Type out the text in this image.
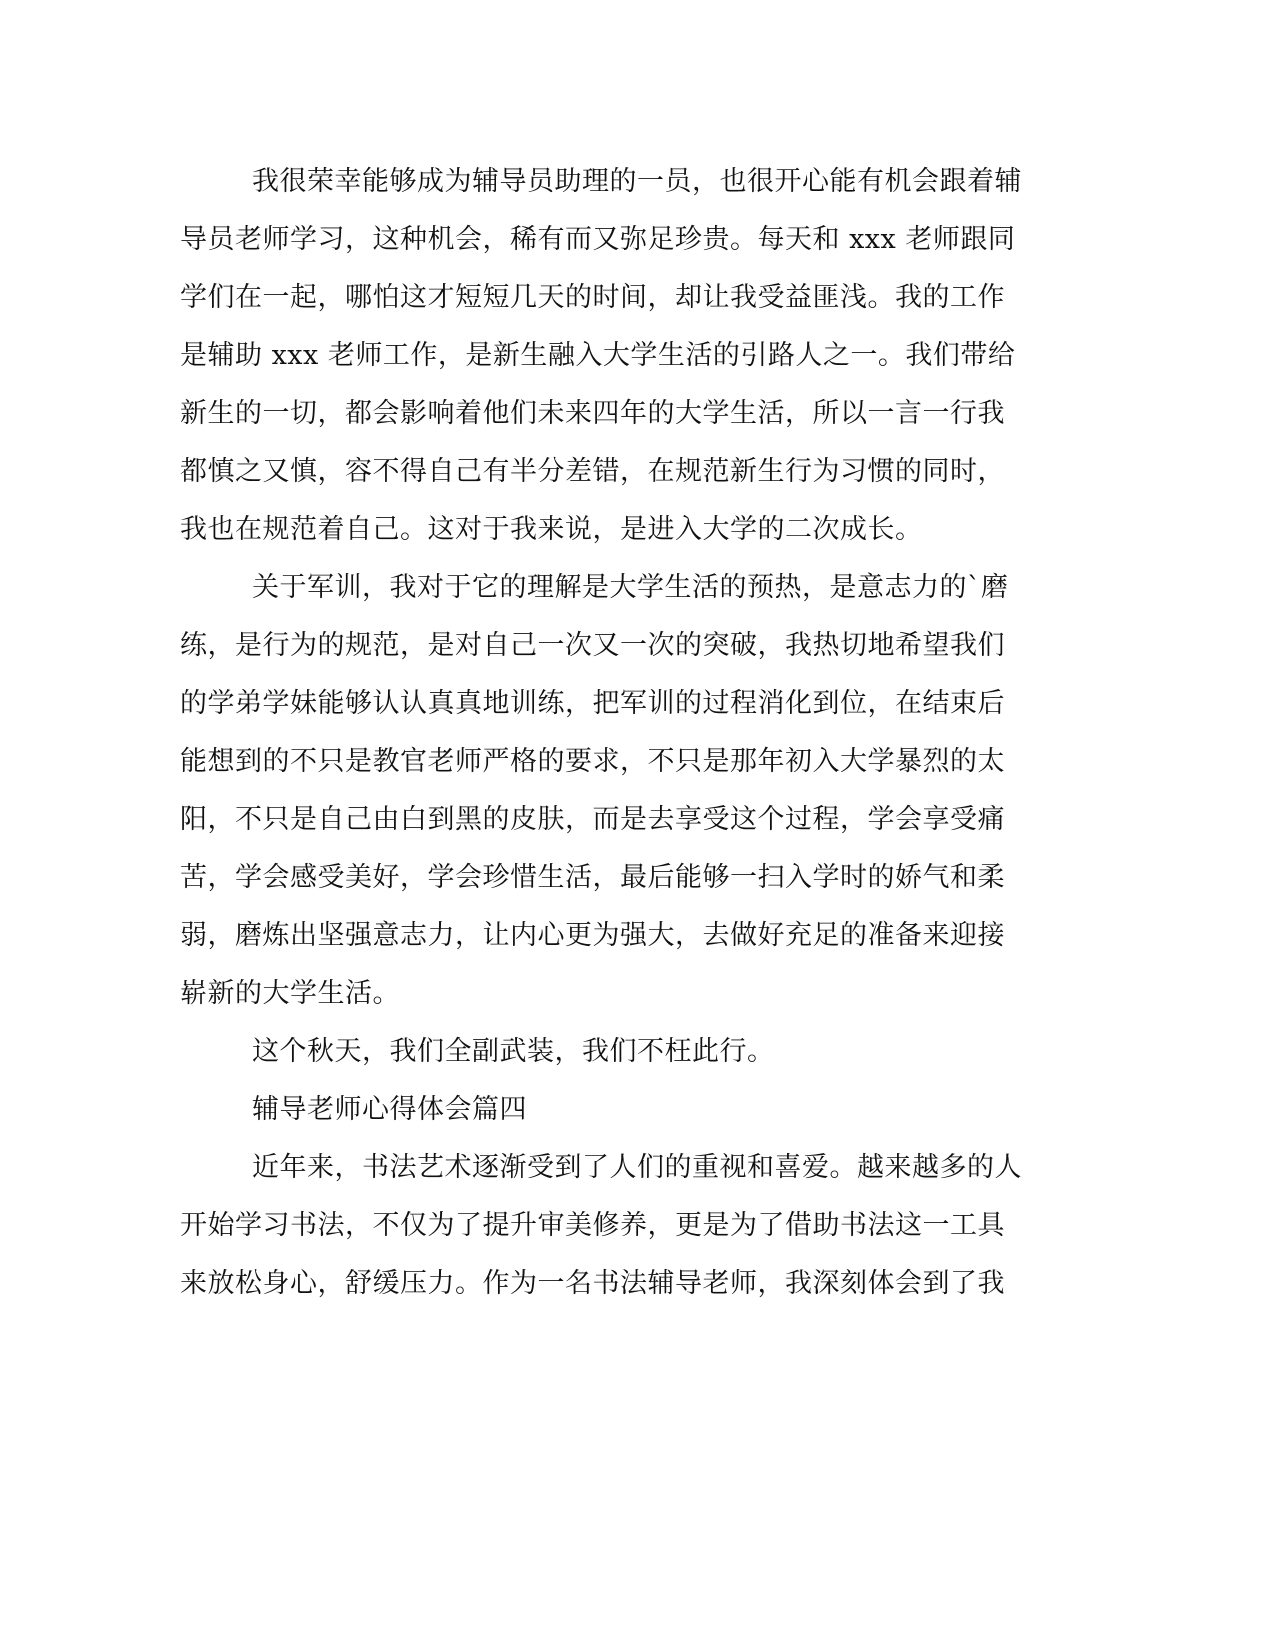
我很荣幸能够成为辅导员助理的一员，也很开心能有机会跟着辅

导员老师学习，这种机会，稀有而又弥足珍贵。每天和 xxx 老师跟同

学们在一起，哪怕这才短短几天的时间，却让我受益匪浅。我的工作

是辅助 xxx 老师工作，是新生融入大学生活的引路人之一。我们带给

新生的一切，都会影响着他们未来四年的大学生活，所以一言一行我

都慎之又慎，容不得自己有半分差错，在规范新生行为习惯的同时，

我也在规范着自己。这对于我来说，是进入大学的二次成长。

关于军训，我对于它的理解是大学生活的预热，是意志力的`磨

练，是行为的规范，是对自己一次又一次的突破，我热切地希望我们

的学弟学妹能够认认真真地训练，把军训的过程消化到位，在结束后

能想到的不只是教官老师严格的要求，不只是那年初入大学暴烈的太

阳，不只是自己由白到黑的皮肤，而是去享受这个过程，学会享受痛

苦，学会感受美好，学会珍惜生活，最后能够一扫入学时的娇气和柔

弱，磨炼出坚强意志力，让内心更为强大，去做好充足的准备来迎接

崭新的大学生活。

这个秋天，我们全副武装，我们不枉此行。

辅导老师心得体会篇四

近年来，书法艺术逐渐受到了人们的重视和喜爱。越来越多的人

开始学习书法，不仅为了提升审美修养，更是为了借助书法这一工具

来放松身心，舒缓压力。作为一名书法辅导老师，我深刻体会到了我
